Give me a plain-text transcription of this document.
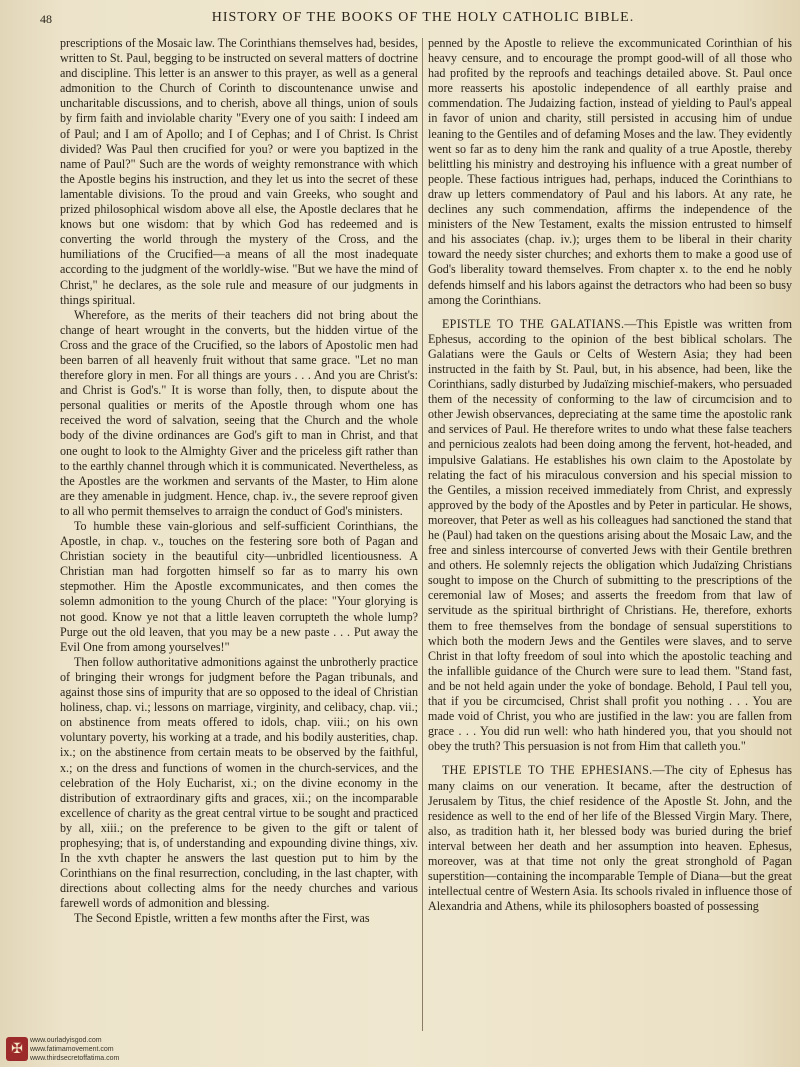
48	HISTORY OF THE BOOKS OF THE HOLY CATHOLIC BIBLE.

prescriptions of the Mosaic law. The Corinthians themselves had, besides, written to St. Paul, begging to be instructed on several matters of doctrine and discipline. This letter is an answer to this prayer, as well as a general admonition to the Church of Corinth to discountenance unwise and uncharitable discussions, and to cherish, above all things, union of souls by firm faith and inviolable charity "Every one of you saith: I indeed am of Paul; and I am of Apollo; and I of Cephas; and I of Christ. Is Christ divided? Was Paul then crucified for you? or were you baptized in the name of Paul?" Such are the words of weighty remonstrance with which the Apostle begins his instruction, and they let us into the secret of these lamentable divisions. To the proud and vain Greeks, who sought and prized philosophical wisdom above all else, the Apostle declares that he knows but one wisdom: that by which God has redeemed and is converting the world through the mystery of the Cross, and the humiliations of the Crucified—a means of all the most inadequate according to the judgment of the worldly-wise. "But we have the mind of Christ," he declares, as the sole rule and measure of our judgments in things spiritual.

Wherefore, as the merits of their teachers did not bring about the change of heart wrought in the converts, but the hidden virtue of the Cross and the grace of the Crucified, so the labors of Apostolic men had been barren of all heavenly fruit without that same grace. "Let no man therefore glory in men. For all things are yours . . . And you are Christ's: and Christ is God's." It is worse than folly, then, to dispute about the personal qualities or merits of the Apostle through whom one has received the word of salvation, seeing that the Church and the whole body of the divine ordinances are God's gift to man in Christ, and that one ought to look to the Almighty Giver and the priceless gift rather than to the earthly channel through which it is communicated. Nevertheless, as the Apostles are the workmen and servants of the Master, to Him alone are they amenable in judgment. Hence, chap. iv., the severe reproof given to all who permit themselves to arraign the conduct of God's ministers.

To humble these vain-glorious and self-sufficient Corinthians, the Apostle, in chap. v., touches on the festering sore both of Pagan and Christian society in the beautiful city—unbridled licentiousness. A Christian man had forgotten himself so far as to marry his own stepmother. Him the Apostle excommunicates, and then comes the solemn admonition to the young Church of the place: "Your glorying is not good. Know ye not that a little leaven corrupteth the whole lump? Purge out the old leaven, that you may be a new paste . . . Put away the Evil One from among yourselves!"

Then follow authoritative admonitions against the unbrotherly practice of bringing their wrongs for judgment before the Pagan tribunals, and against those sins of impurity that are so opposed to the ideal of Christian holiness, chap. vi.; lessons on marriage, virginity, and celibacy, chap. vii.; on abstinence from meats offered to idols, chap. viii.; on his own voluntary poverty, his working at a trade, and his bodily austerities, chap. ix.; on the abstinence from certain meats to be observed by the faithful, x.; on the dress and functions of women in the church-services, and the celebration of the Holy Eucharist, xi.; on the divine economy in the distribution of extraordinary gifts and graces, xii.; on the incomparable excellence of charity as the great central virtue to be sought and practiced by all, xiii.; on the preference to be given to the gift or talent of prophesying; that is, of understanding and expounding divine things, xiv. In the xvth chapter he answers the last question put to him by the Corinthians on the final resurrection, concluding, in the last chapter, with directions about collecting alms for the needy churches and various farewell words of admonition and blessing.

The Second Epistle, written a few months after the First, was

penned by the Apostle to relieve the excommunicated Corinthian of his heavy censure, and to encourage the prompt good-will of all those who had profited by the reproofs and teachings detailed above. St. Paul once more reasserts his apostolic independence of all earthly praise and commendation. The Judaizing faction, instead of yielding to Paul's appeal in favor of union and charity, still persisted in accusing him of undue leaning to the Gentiles and of defaming Moses and the law. They evidently went so far as to deny him the rank and quality of a true Apostle, thereby belittling his ministry and destroying his influence with a great number of people. These factious intrigues had, perhaps, induced the Corinthians to draw up letters commendatory of Paul and his labors. At any rate, he declines any such commendation, affirms the independence of the ministers of the New Testament, exalts the mission entrusted to himself and his associates (chap. iv.); urges them to be liberal in their charity toward the needy sister churches; and exhorts them to make a good use of God's liberality toward themselves. From chapter x. to the end he nobly defends himself and his labors against the detractors who had been so busy among the Corinthians.

EPISTLE TO THE GALATIANS.—This Epistle was written from Ephesus, according to the opinion of the best biblical scholars. The Galatians were the Gauls or Celts of Western Asia; they had been instructed in the faith by St. Paul, but, in his absence, had been, like the Corinthians, sadly disturbed by Judaïzing mischief-makers, who persuaded them of the necessity of conforming to the law of circumcision and to other Jewish observances, depreciating at the same time the apostolic rank and services of Paul. He therefore writes to undo what these false teachers and pernicious zealots had been doing among the fervent, hot-headed, and impulsive Galatians. He establishes his own claim to the Apostolate by relating the fact of his miraculous conversion and his special mission to the Gentiles, a mission received immediately from Christ, and expressly approved by the body of the Apostles and by Peter in particular. He shows, moreover, that Peter as well as his colleagues had sanctioned the stand that he (Paul) had taken on the questions arising about the Mosaic Law, and the free and sinless intercourse of converted Jews with their Gentile brethren and others. He solemnly rejects the obligation which Judaïzing Christians sought to impose on the Church of submitting to the prescriptions of the ceremonial law of Moses; and asserts the freedom from that law of servitude as the spiritual birthright of Christians. He, therefore, exhorts them to free themselves from the bondage of sensual superstitions to which both the modern Jews and the Gentiles were slaves, and to serve Christ in that lofty freedom of soul into which the apostolic teaching and the infallible guidance of the Church were sure to lead them. "Stand fast, and be not held again under the yoke of bondage. Behold, I Paul tell you, that if you be circumcised, Christ shall profit you nothing . . . You are made void of Christ, you who are justified in the law: you are fallen from grace . . . You did run well: who hath hindered you, that you should not obey the truth? This persuasion is not from Him that calleth you."

THE EPISTLE TO THE EPHESIANS.—The city of Ephesus has many claims on our veneration. It became, after the destruction of Jerusalem by Titus, the chief residence of the Apostle St. John, and the residence as well to the end of her life of the Blessed Virgin Mary. There, also, as tradition hath it, her blessed body was buried during the brief interval between her death and her assumption into heaven. Ephesus, moreover, was at that time not only the great stronghold of Pagan superstition—containing the incomparable Temple of Diana—but the great intellectual centre of Western Asia. Its schools rivaled in influence those of Alexandria and Athens, while its philosophers boasted of possessing

✠
www.ourladyisgod.com
www.fatimamovement.com
www.thirdsecretoffatima.com
